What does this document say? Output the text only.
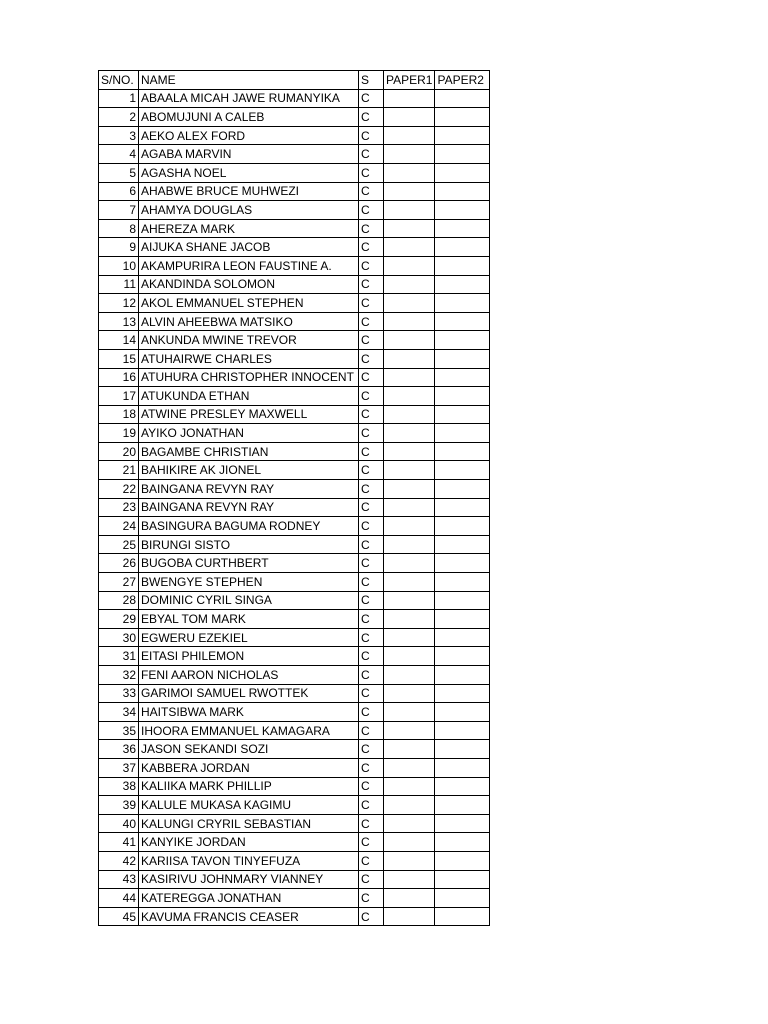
S/NO.	NAME	S	PAPER1	PAPER2
1	ABAALA MICAH JAWE RUMANYIKA	C		
2	ABOMUJUNI A CALEB	C		
3	AEKO ALEX FORD	C		
4	AGABA MARVIN	C		
5	AGASHA NOEL	C		
6	AHABWE BRUCE MUHWEZI	C		
7	AHAMYA DOUGLAS	C		
8	AHEREZA MARK	C		
9	AIJUKA SHANE JACOB	C		
10	AKAMPURIRA LEON FAUSTINE A.	C		
11	AKANDINDA SOLOMON	C		
12	AKOL EMMANUEL STEPHEN	C		
13	ALVIN AHEEBWA MATSIKO	C		
14	ANKUNDA MWINE TREVOR	C		
15	ATUHAIRWE CHARLES	C		
16	ATUHURA CHRISTOPHER INNOCENT	C		
17	ATUKUNDA ETHAN	C		
18	ATWINE PRESLEY MAXWELL	C		
19	AYIKO JONATHAN	C		
20	BAGAMBE CHRISTIAN	C		
21	BAHIKIRE AK JIONEL	C		
22	BAINGANA REVYN RAY	C		
23	BAINGANA REVYN RAY	C		
24	BASINGURA BAGUMA RODNEY	C		
25	BIRUNGI SISTO	C		
26	BUGOBA CURTHBERT	C		
27	BWENGYE STEPHEN	C		
28	DOMINIC CYRIL SINGA	C		
29	EBYAL TOM MARK	C		
30	EGWERU EZEKIEL	C		
31	EITASI PHILEMON	C		
32	FENI AARON NICHOLAS	C		
33	GARIMOI SAMUEL RWOTTEK	C		
34	HAITSIBWA MARK	C		
35	IHOORA EMMANUEL KAMAGARA	C		
36	JASON SEKANDI SOZI	C		
37	KABBERA JORDAN	C		
38	KALIIKA MARK PHILLIP	C		
39	KALULE MUKASA KAGIMU	C		
40	KALUNGI CRYRIL SEBASTIAN	C		
41	KANYIKE JORDAN	C		
42	KARIISA TAVON TINYEFUZA	C		
43	KASIRIVU JOHNMARY VIANNEY	C		
44	KATEREGGA JONATHAN	C		
45	KAVUMA FRANCIS CEASER	C		
